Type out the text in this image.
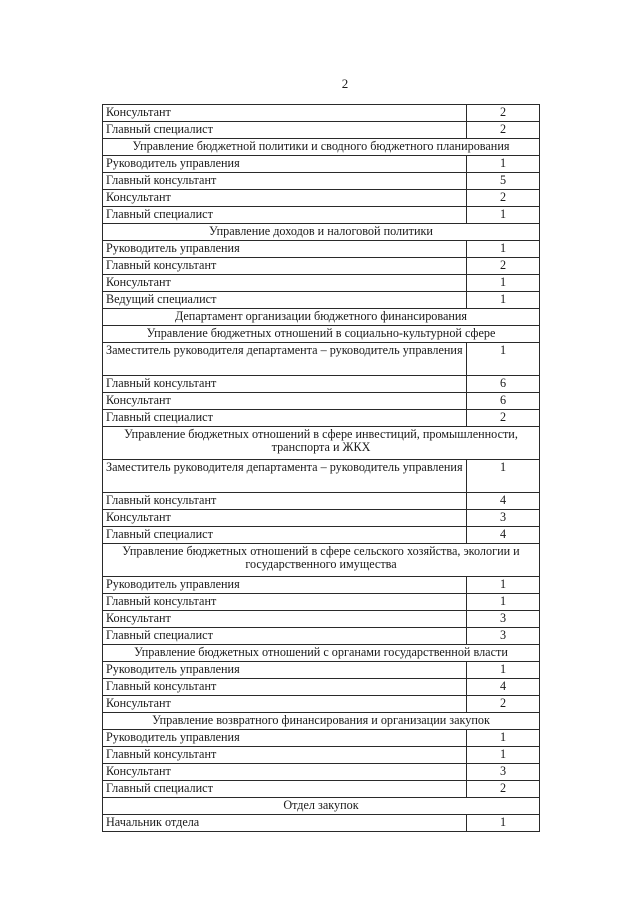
2
Консультант	2
Главный специалист	2
Управление бюджетной политики и сводного бюджетного планирования	
Руководитель управления	1
Главный консультант	5
Консультант	2
Главный специалист	1
Управление доходов и налоговой политики	
Руководитель управления	1
Главный консультант	2
Консультант	1
Ведущий специалист	1
Департамент организации бюджетного финансирования	
Управление бюджетных отношений в социально-культурной сфере	
Заместитель руководителя департамента – руководитель управления	1
Главный консультант	6
Консультант	6
Главный специалист	2
Управление бюджетных отношений в сфере инвестиций, промышленности, транспорта и ЖКХ	
Заместитель руководителя департамента – руководитель управления	1
Главный консультант	4
Консультант	3
Главный специалист	4
Управление бюджетных отношений в сфере сельского хозяйства, экологии и государственного имущества	
Руководитель управления	1
Главный консультант	1
Консультант	3
Главный специалист	3
Управление бюджетных отношений с органами государственной власти	
Руководитель управления	1
Главный консультант	4
Консультант	2
Управление возвратного финансирования и организации закупок	
Руководитель управления	1
Главный консультант	1
Консультант	3
Главный специалист	2
Отдел закупок	
Начальник отдела	1
